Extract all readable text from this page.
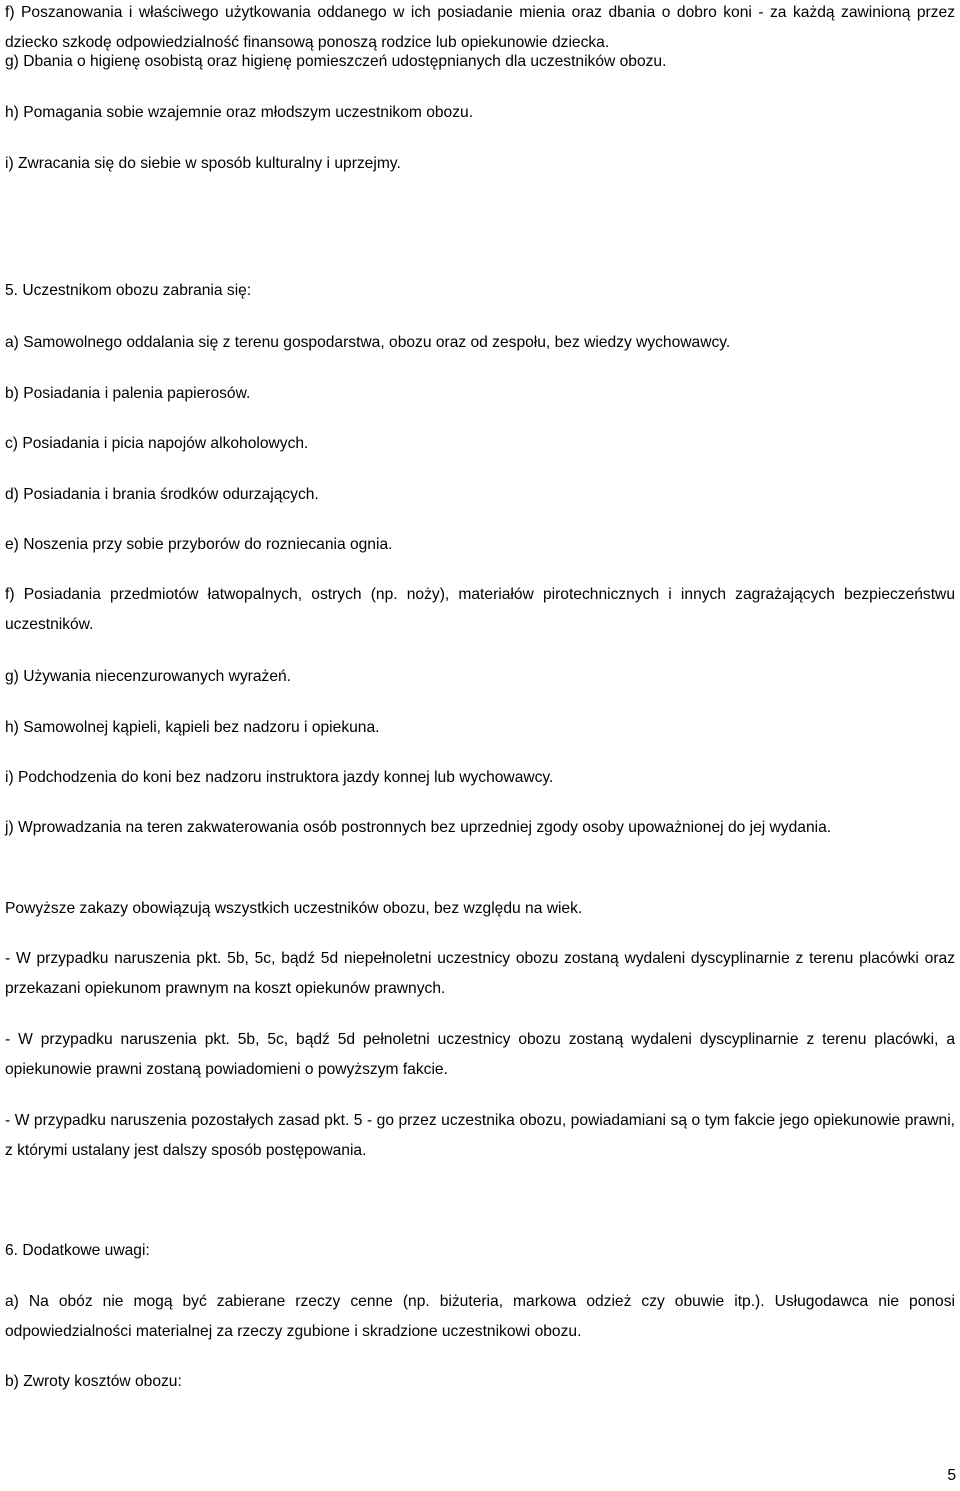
f) Poszanowania i właściwego użytkowania oddanego w ich posiadanie mienia oraz dbania o dobro koni - za każdą zawinioną przez dziecko szkodę odpowiedzialność finansową ponoszą rodzice lub opiekunowie dziecka.

g) Dbania o higienę osobistą oraz higienę pomieszczeń udostępnianych dla uczestników obozu.

h) Pomagania sobie wzajemnie oraz młodszym uczestnikom obozu.

i) Zwracania się do siebie w sposób kulturalny i uprzejmy.

5. Uczestnikom obozu zabrania się:

a) Samowolnego oddalania się z terenu gospodarstwa, obozu oraz od zespołu, bez wiedzy wychowawcy.

b) Posiadania i palenia papierosów.

c) Posiadania i picia napojów alkoholowych.

d) Posiadania i brania środków odurzających.

e) Noszenia przy sobie przyborów do rozniecania ognia.

f) Posiadania przedmiotów łatwopalnych, ostrych (np. noży), materiałów pirotechnicznych i innych zagrażających bezpieczeństwu uczestników.

g) Używania niecenzurowanych wyrażeń.

h) Samowolnej kąpieli, kąpieli bez nadzoru i opiekuna.

i) Podchodzenia do koni bez nadzoru instruktora jazdy konnej lub wychowawcy.

j) Wprowadzania na teren zakwaterowania osób postronnych bez uprzedniej zgody osoby upoważnionej do jej wydania.

Powyższe zakazy obowiązują wszystkich uczestników obozu, bez względu na wiek.

- W przypadku naruszenia pkt. 5b, 5c, bądź 5d niepełnoletni uczestnicy obozu zostaną wydaleni dyscyplinarnie z terenu placówki oraz przekazani opiekunom prawnym na koszt opiekunów prawnych.

- W przypadku naruszenia pkt. 5b, 5c, bądź 5d pełnoletni uczestnicy obozu zostaną wydaleni dyscyplinarnie z terenu placówki, a opiekunowie prawni zostaną powiadomieni o powyższym fakcie.

- W przypadku naruszenia pozostałych zasad pkt. 5 - go przez uczestnika obozu, powiadamiani są o tym fakcie jego opiekunowie prawni, z którymi ustalany jest dalszy sposób postępowania.

6. Dodatkowe uwagi:

a) Na obóz nie mogą być zabierane rzeczy cenne (np. biżuteria, markowa odzież czy obuwie itp.). Usługodawca nie ponosi odpowiedzialności materialnej za rzeczy zgubione i skradzione uczestnikowi obozu.

b) Zwroty kosztów obozu:

5
